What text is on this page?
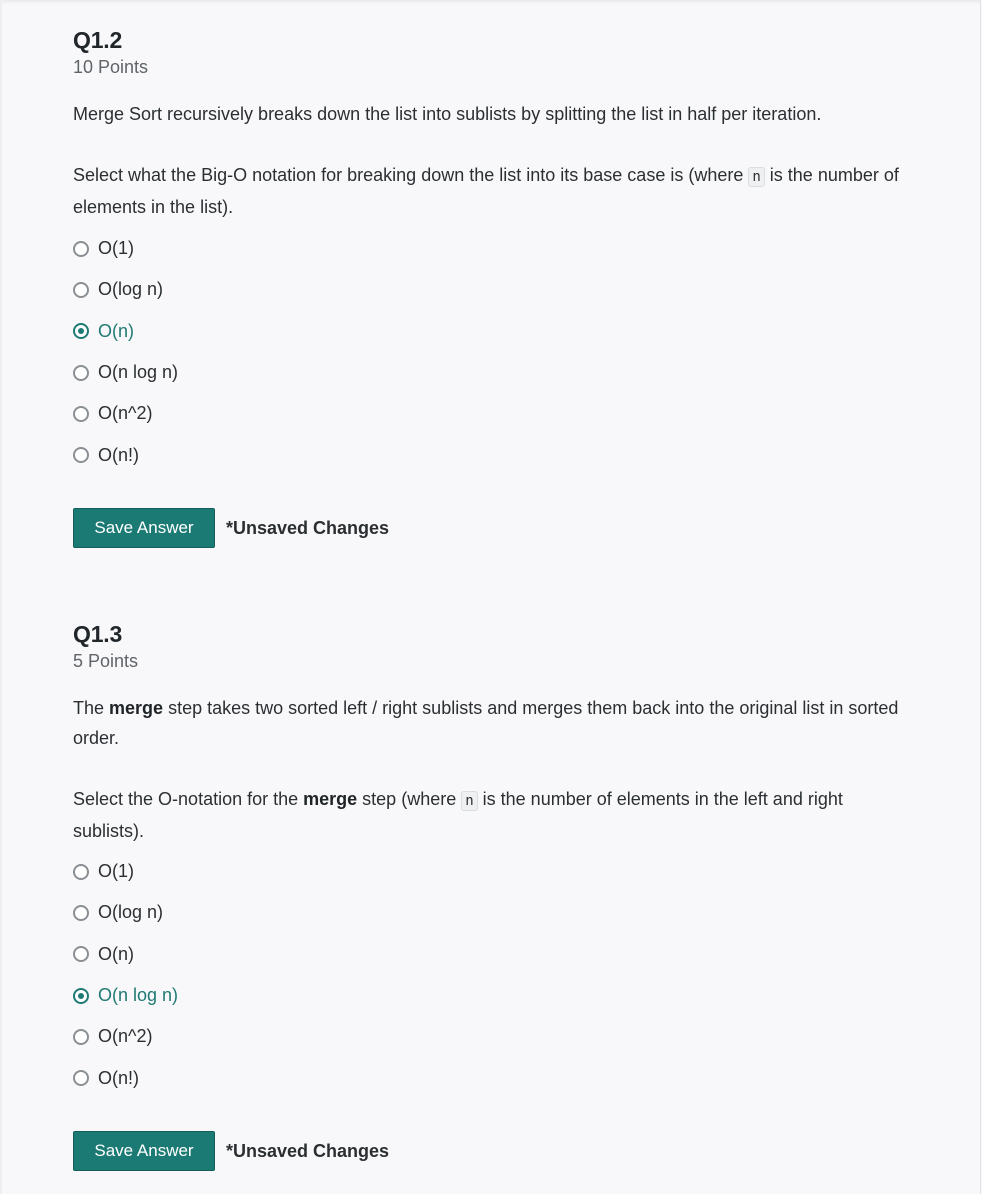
Q1.2
10 Points

Merge Sort recursively breaks down the list into sublists by splitting the list in half per iteration.

Select what the Big-O notation for breaking down the list into its base case is (where n is the number of elements in the list).

O(1)
O(log n)
O(n)
O(n log n)
O(n^2)
O(n!)
Save Answer	*Unsaved Changes
Q1.3
5 Points

The merge step takes two sorted left / right sublists and merges them back into the original list in sorted order.

Select the O-notation for the merge step (where n is the number of elements in the left and right sublists).

O(1)
O(log n)
O(n)
O(n log n)
O(n^2)
O(n!)
Save Answer	*Unsaved Changes
